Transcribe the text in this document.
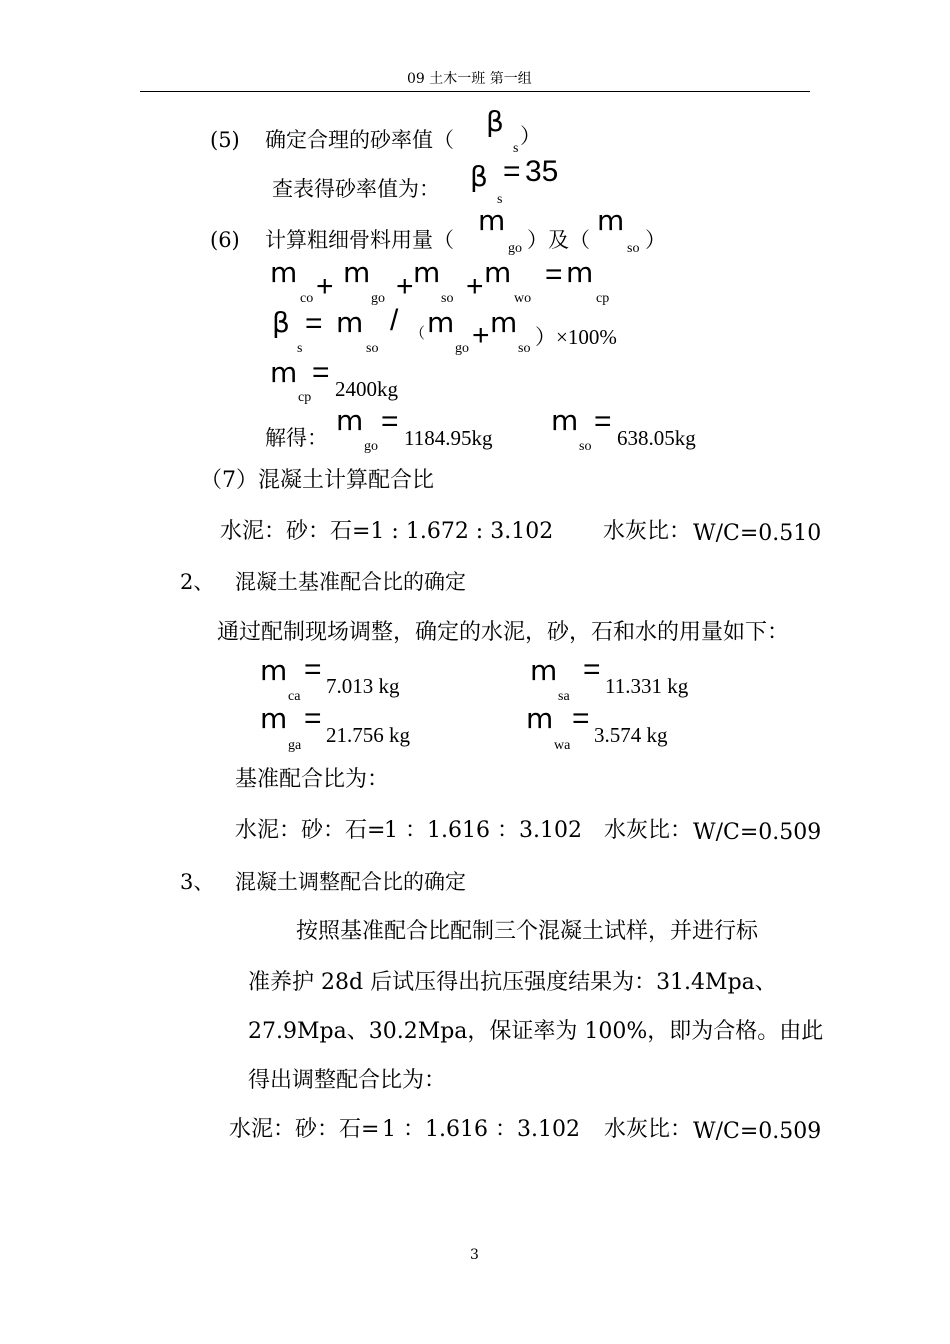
09 土木一班 第一组
(5) 确定合理的砂率值（
β
s
）
查表得砂率值为： β
s
= 35
(6) 计算粗细骨料用量（
m
go ）及（
m
so ）
m
co + m
go + m
so + m
wo
= m
cp
β
s
= m
so
/ （ m
go + m
so ）×100%
m
cp
= 2400kg
解得：
m
go
= 1184.95kg
m
so
= 638.05kg
（7）混凝土计算配合比
水泥：砂：石=1 : 1.672 : 3.102 水灰比： W/C=0.510
2、 混凝土基准配合比的确定
通过配制现场调整，确定的水泥，砂，石和水的用量如下：
m
ca
= 7.013 kg	m
sa
= 11.331 kg
m
ga
= 21.756 kg	m
wa
= 3.574 kg
基准配合比为：
水泥：砂：石=
1 ：1.616 ：3.102 水灰比： W/C=0.509
3、 混凝土调整配合比的确定
按照基准配合比配制三个混凝土试样，并进行标
准养护 28d 后试压得出抗压强度结果为：31.4Mpa、
27.9Mpa、30.2Mpa，保证率为 100%，即为合格。由此
得出调整配合比为：
水泥：砂：石= 1 ：1.616 ：3.102 水灰比： W/C=0.509
3
